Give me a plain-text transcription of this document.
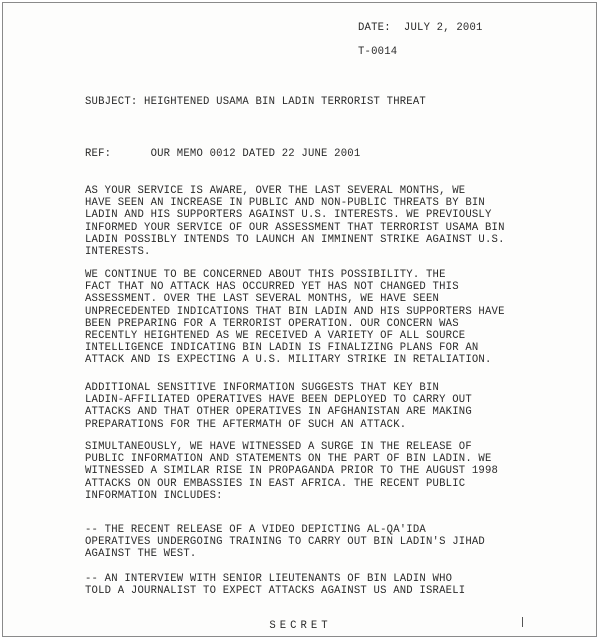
DATE:  JULY 2, 2001
T-0014
SUBJECT: HEIGHTENED USAMA BIN LADIN TERRORIST THREAT
REF:      OUR MEMO 0012 DATED 22 JUNE 2001

AS YOUR SERVICE IS AWARE, OVER THE LAST SEVERAL MONTHS, WE
HAVE SEEN AN INCREASE IN PUBLIC AND NON-PUBLIC THREATS BY BIN
LADIN AND HIS SUPPORTERS AGAINST U.S. INTERESTS. WE PREVIOUSLY
INFORMED YOUR SERVICE OF OUR ASSESSMENT THAT TERRORIST USAMA BIN
LADIN POSSIBLY INTENDS TO LAUNCH AN IMMINENT STRIKE AGAINST U.S.
INTERESTS.

WE CONTINUE TO BE CONCERNED ABOUT THIS POSSIBILITY. THE
FACT THAT NO ATTACK HAS OCCURRED YET HAS NOT CHANGED THIS
ASSESSMENT. OVER THE LAST SEVERAL MONTHS, WE HAVE SEEN
UNPRECEDENTED INDICATIONS THAT BIN LADIN AND HIS SUPPORTERS HAVE
BEEN PREPARING FOR A TERRORIST OPERATION. OUR CONCERN WAS
RECENTLY HEIGHTENED AS WE RECEIVED A VARIETY OF ALL SOURCE
INTELLIGENCE INDICATING BIN LADIN IS FINALIZING PLANS FOR AN
ATTACK AND IS EXPECTING A U.S. MILITARY STRIKE IN RETALIATION.

ADDITIONAL SENSITIVE INFORMATION SUGGESTS THAT KEY BIN
LADIN-AFFILIATED OPERATIVES HAVE BEEN DEPLOYED TO CARRY OUT
ATTACKS AND THAT OTHER OPERATIVES IN AFGHANISTAN ARE MAKING
PREPARATIONS FOR THE AFTERMATH OF SUCH AN ATTACK.

SIMULTANEOUSLY, WE HAVE WITNESSED A SURGE IN THE RELEASE OF
PUBLIC INFORMATION AND STATEMENTS ON THE PART OF BIN LADIN. WE
WITNESSED A SIMILAR RISE IN PROPAGANDA PRIOR TO THE AUGUST 1998
ATTACKS ON OUR EMBASSIES IN EAST AFRICA. THE RECENT PUBLIC
INFORMATION INCLUDES:

-- THE RECENT RELEASE OF A VIDEO DEPICTING AL-QA'IDA
OPERATIVES UNDERGOING TRAINING TO CARRY OUT BIN LADIN'S JIHAD
AGAINST THE WEST.

-- AN INTERVIEW WITH SENIOR LIEUTENANTS OF BIN LADIN WHO
TOLD A JOURNALIST TO EXPECT ATTACKS AGAINST US AND ISRAELI

SECRET
